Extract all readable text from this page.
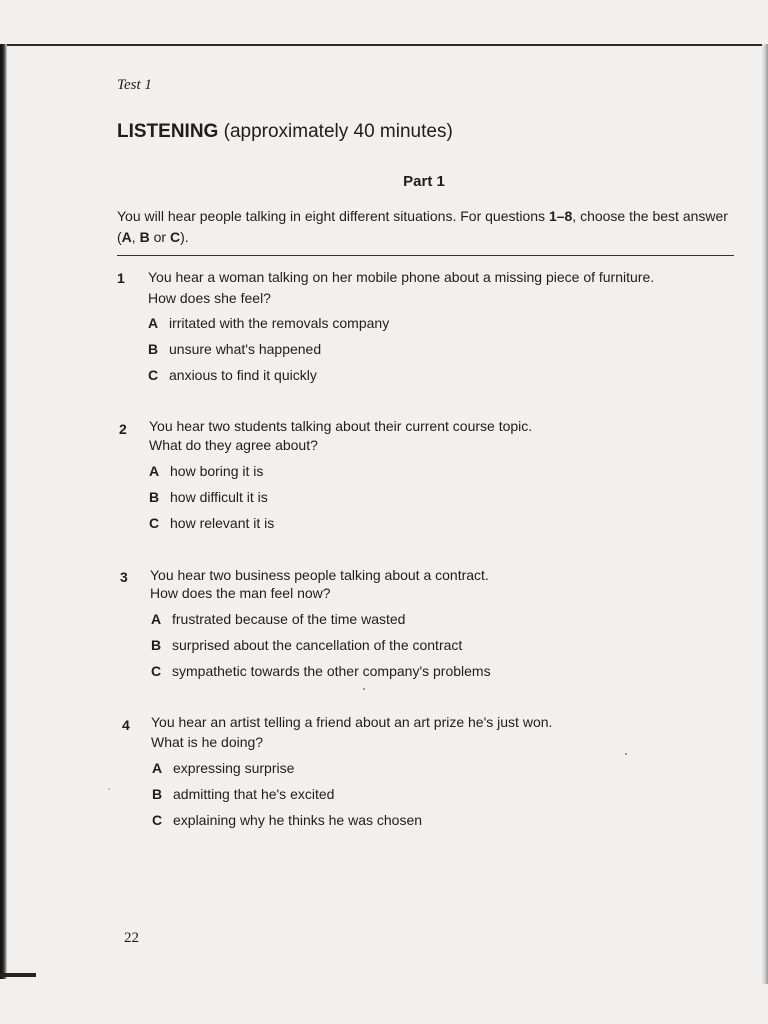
Test 1
LISTENING (approximately 40 minutes)
Part 1
You will hear people talking in eight different situations. For questions 1–8, choose the best answer (A, B or C).
1 You hear a woman talking on her mobile phone about a missing piece of furniture.
How does she feel?
A irritated with the removals company
B unsure what's happened
C anxious to find it quickly
2 You hear two students talking about their current course topic.
What do they agree about?
A how boring it is
B how difficult it is
C how relevant it is
3 You hear two business people talking about a contract.
How does the man feel now?
A frustrated because of the time wasted
B surprised about the cancellation of the contract
C sympathetic towards the other company's problems
4 You hear an artist telling a friend about an art prize he's just won.
What is he doing?
A expressing surprise
B admitting that he's excited
C explaining why he thinks he was chosen
22
